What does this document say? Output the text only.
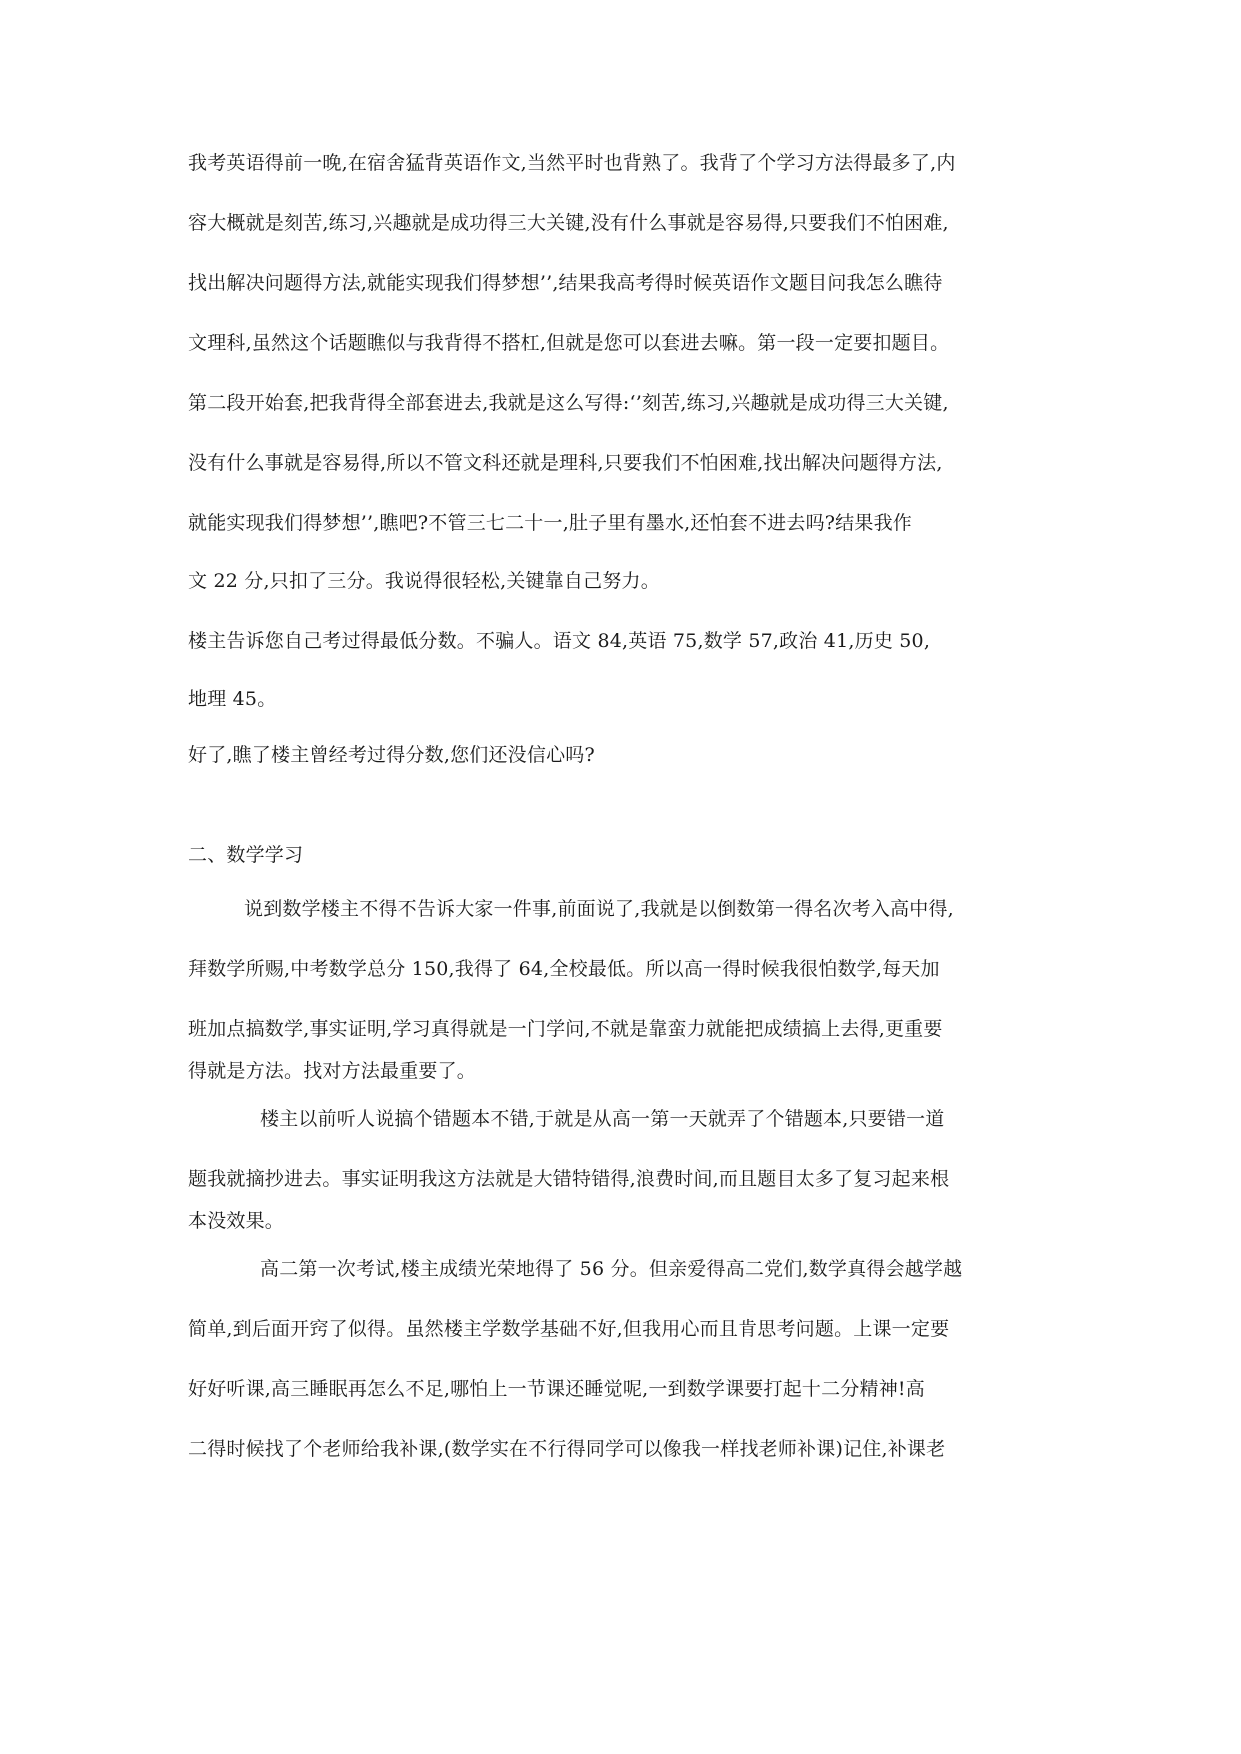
我考英语得前一晚,在宿舍猛背英语作文,当然平时也背熟了。我背了个学习方法得最多了,内
容大概就是刻苦,练习,兴趣就是成功得三大关键,没有什么事就是容易得,只要我们不怕困难,
找出解决问题得方法,就能实现我们得梦想’’,结果我高考得时候英语作文题目问我怎么瞧待
文理科,虽然这个话题瞧似与我背得不搭杠,但就是您可以套进去嘛。第一段一定要扣题目。
第二段开始套,把我背得全部套进去,我就是这么写得:‘’刻苦,练习,兴趣就是成功得三大关键,
没有什么事就是容易得,所以不管文科还就是理科,只要我们不怕困难,找出解决问题得方法,
就能实现我们得梦想’’,瞧吧?不管三七二十一,肚子里有墨水,还怕套不进去吗?结果我作
文 22 分,只扣了三分。我说得很轻松,关键靠自己努力。
楼主告诉您自己考过得最低分数。不骗人。语文 84,英语 75,数学 57,政治 41,历史 50,
地理 45。
好了,瞧了楼主曾经考过得分数,您们还没信心吗?
二、数学学习
说到数学楼主不得不告诉大家一件事,前面说了,我就是以倒数第一得名次考入高中得,
拜数学所赐,中考数学总分 150,我得了 64,全校最低。所以高一得时候我很怕数学,每天加
班加点搞数学,事实证明,学习真得就是一门学问,不就是靠蛮力就能把成绩搞上去得,更重要
得就是方法。找对方法最重要了。
楼主以前听人说搞个错题本不错,于就是从高一第一天就弄了个错题本,只要错一道
题我就摘抄进去。事实证明我这方法就是大错特错得,浪费时间,而且题目太多了复习起来根
本没效果。
高二第一次考试,楼主成绩光荣地得了 56 分。但亲爱得高二党们,数学真得会越学越
简单,到后面开窍了似得。虽然楼主学数学基础不好,但我用心而且肯思考问题。上课一定要
好好听课,高三睡眠再怎么不足,哪怕上一节课还睡觉呢,一到数学课要打起十二分精神!高
二得时候找了个老师给我补课,(数学实在不行得同学可以像我一样找老师补课)记住,补课老
